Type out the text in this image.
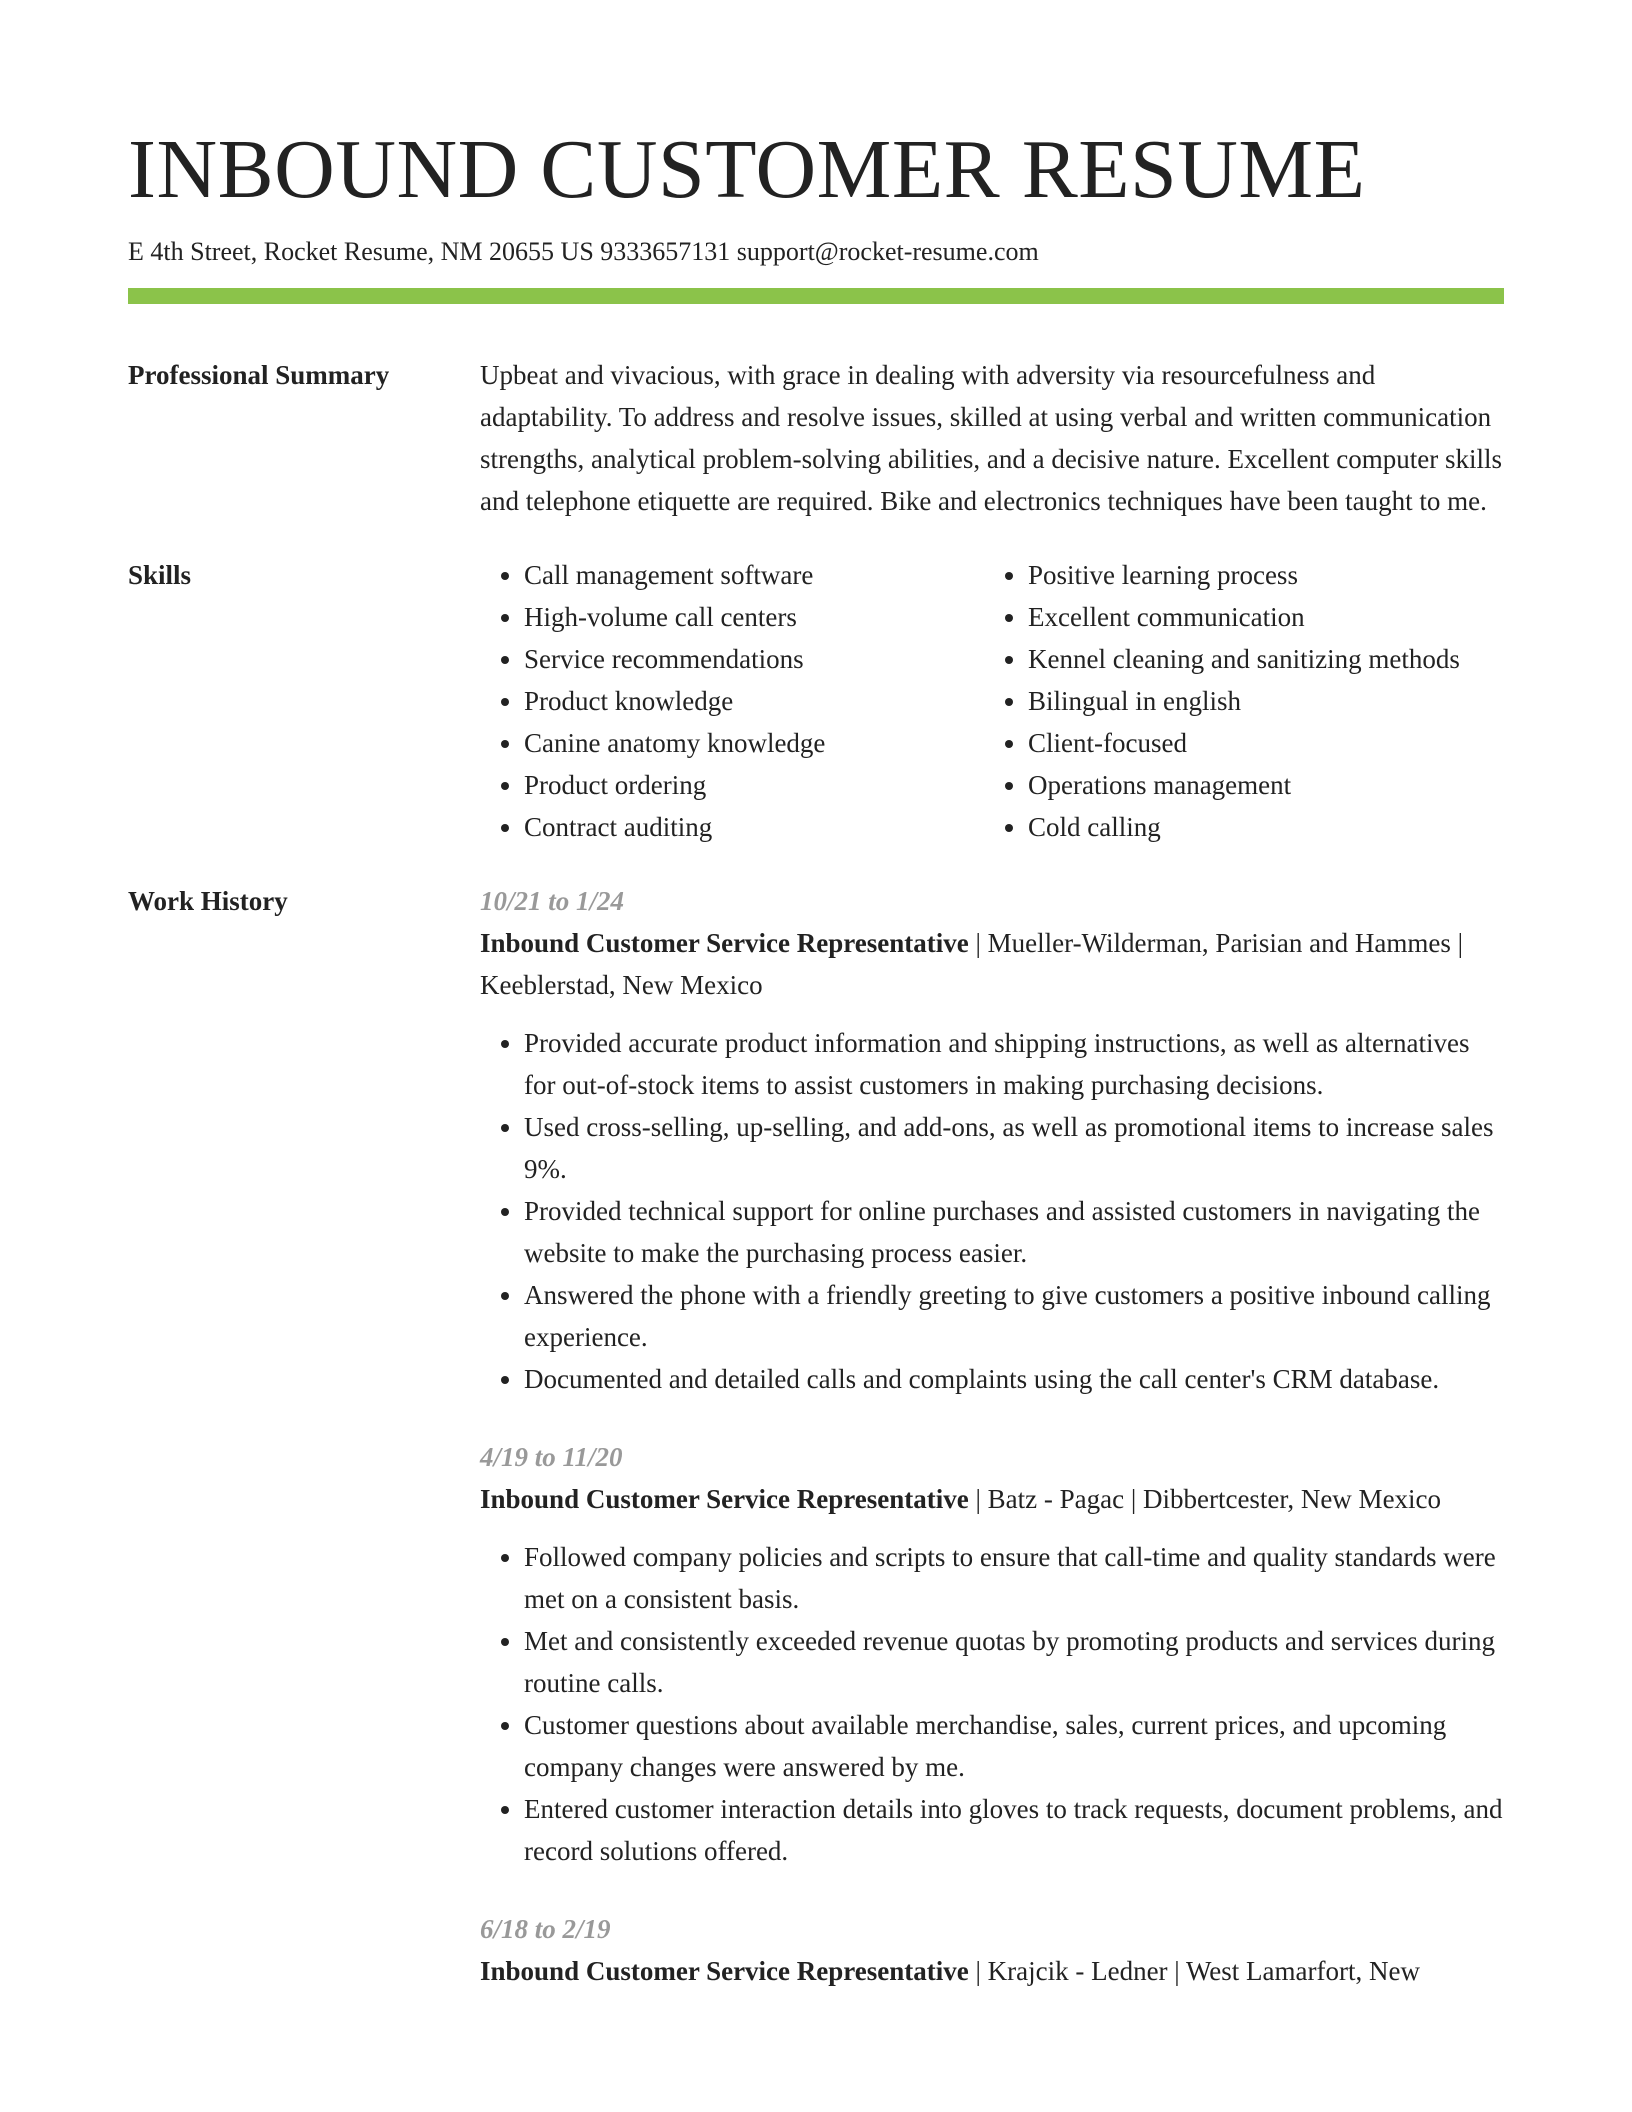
INBOUND CUSTOMER RESUME
E 4th Street, Rocket Resume, NM 20655 US 9333657131 support@rocket-resume.com
Professional Summary	Upbeat and vivacious, with grace in dealing with adversity via resourcefulness and adaptability. To address and resolve issues, skilled at using verbal and written communication strengths, analytical problem-solving abilities, and a decisive nature. Excellent computer skills and telephone etiquette are required. Bike and electronics techniques have been taught to me.
Skills
•	Call management software
• High-volume call centers
• Service recommendations
• Product knowledge
• Canine anatomy knowledge
• Product ordering
• Contract auditing
• Positive learning process
• Excellent communication
• Kennel cleaning and sanitizing methods
• Bilingual in english
• Client-focused
• Operations management
• Cold calling
Work History	10/21 to 1/24
Inbound Customer Service Representative | Mueller-Wilderman, Parisian and Hammes | Keeblerstad, New Mexico
• Provided accurate product information and shipping instructions, as well as alternatives for out-of-stock items to assist customers in making purchasing decisions.
• Used cross-selling, up-selling, and add-ons, as well as promotional items to increase sales 9%.
• Provided technical support for online purchases and assisted customers in navigating the website to make the purchasing process easier.
• Answered the phone with a friendly greeting to give customers a positive inbound calling experience.
• Documented and detailed calls and complaints using the call center's CRM database.
4/19 to 11/20
Inbound Customer Service Representative | Batz - Pagac | Dibbertcester, New Mexico
• Followed company policies and scripts to ensure that call-time and quality standards were met on a consistent basis.
• Met and consistently exceeded revenue quotas by promoting products and services during routine calls.
• Customer questions about available merchandise, sales, current prices, and upcoming company changes were answered by me.
• Entered customer interaction details into gloves to track requests, document problems, and record solutions offered.
6/18 to 2/19
Inbound Customer Service Representative | Krajcik - Ledner | West Lamarfort, New
